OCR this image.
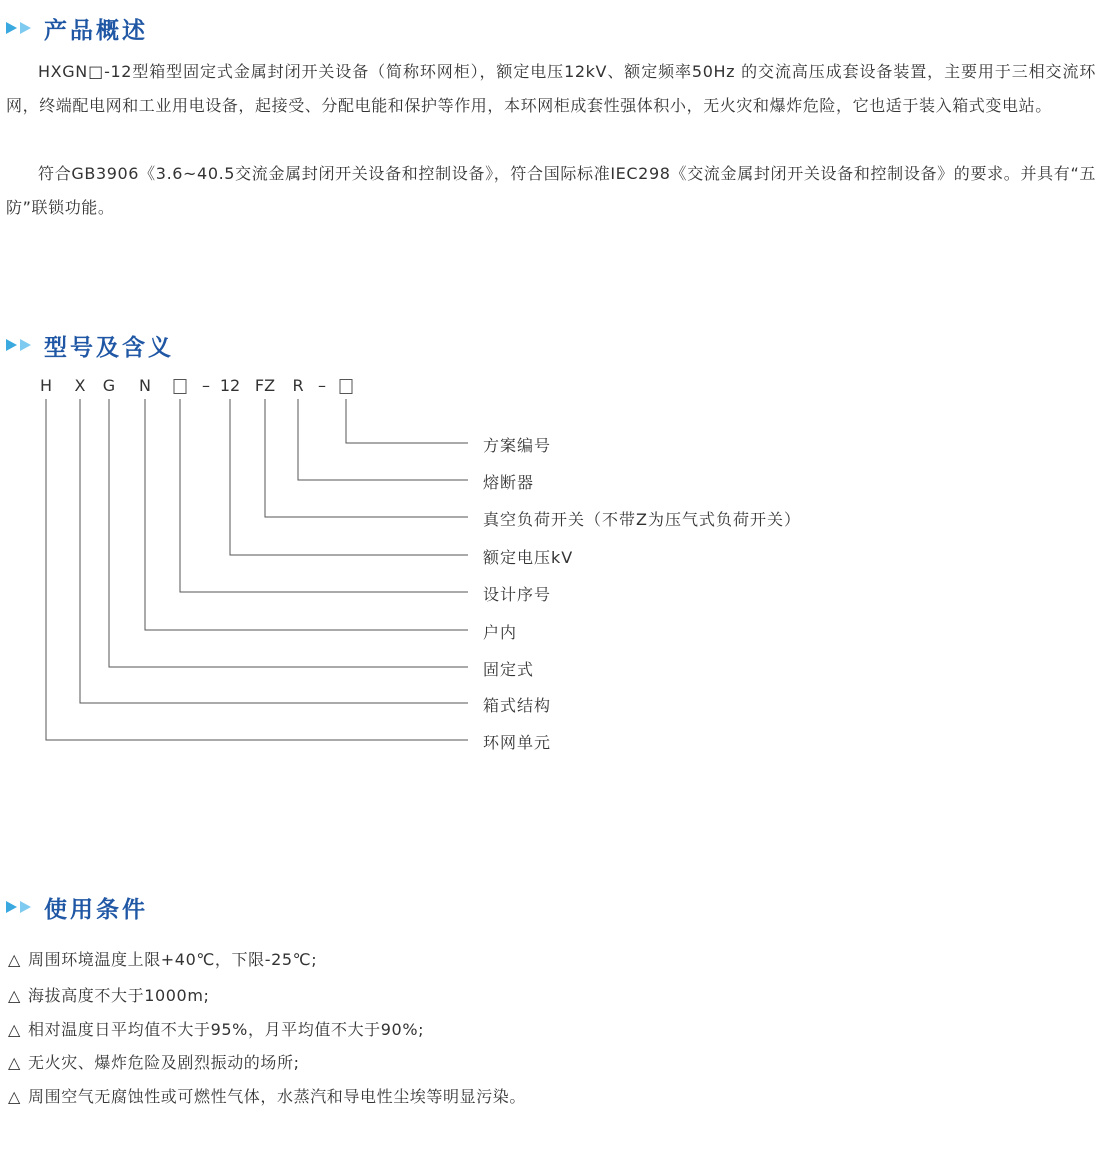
产品概述
HXGN□-12型箱型固定式金属封闭开关设备（简称环网柜），额定电压12kV、额定频率50Hz 的交流高压成套设备装置，主要用于三相交流环网，终端配电网和工业用电设备，起接受、分配电能和保护等作用，本环网柜成套性强体积小，无火灾和爆炸危险，它也适于装入箱式变电站。
符合GB3906《3.6~40.5交流金属封闭开关设备和控制设备》，符合国际标准IEC298《交流金属封闭开关设备和控制设备》的要求。并具有“五防”联锁功能。
型号及含义
H X G N	– 12 FZ R –
方案编号
熔断器
真空负荷开关（不带Z为压气式负荷开关）
额定电压kV
设计序号
户内
固定式
箱式结构
环网单元
使用条件
△ 周围环境温度上限+40℃，下限-25℃;
△ 海拔高度不大于1000m;
△ 相对温度日平均值不大于95%，月平均值不大于90%;
△ 无火灾、爆炸危险及剧烈振动的场所;
△ 周围空气无腐蚀性或可燃性气体，水蒸汽和导电性尘埃等明显污染。
